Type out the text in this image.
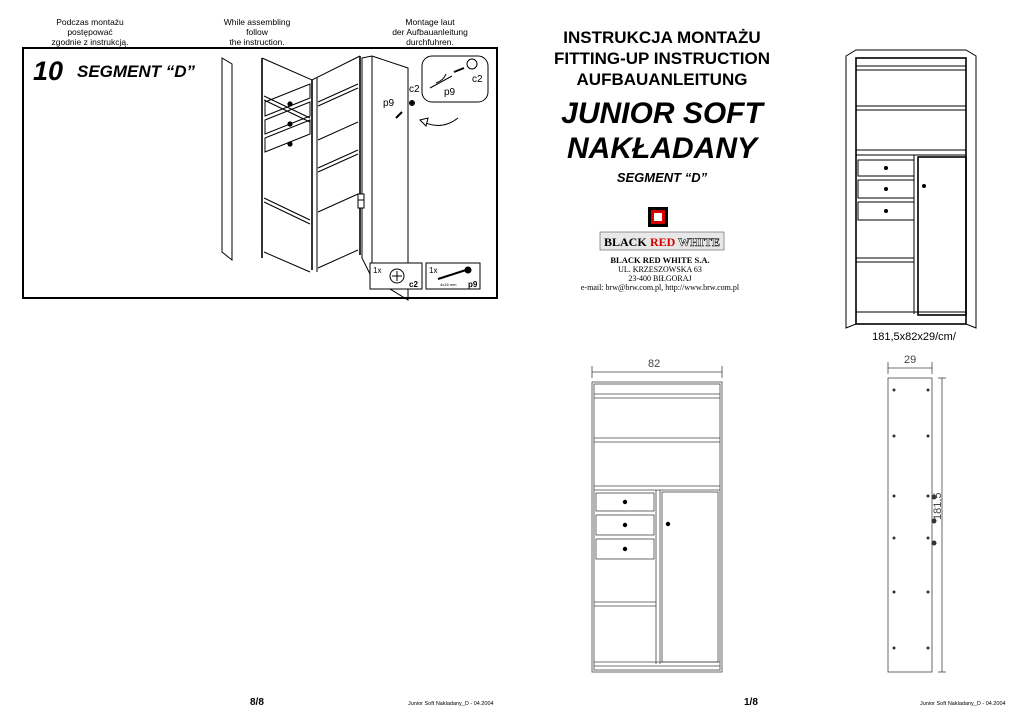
Podczas montażu
postępować
zgodnie z instrukcją.
While assembling
follow
the instruction.
Montage laut
der Aufbauanleitung
durchfuhren.
10 SEGMENT “D”
c2 p9
p9
c2
1x
c2
1x
p9
4x16 mm
INSTRUKCJA MONTAŻU
FITTING-UP INSTRUCTION
AUFBAUANLEITUNG
JUNIOR SOFT
NAKŁADANY
SEGMENT “D”
BLACK RED WHITE
BLACK RED WHITE S.A.
UL. KRZESZOWSKA 63
23-400 BIŁGORAJ
e-mail: brw@brw.com.pl, http://www.brw.com.pl
181,5x82x29/cm/
82	29
181,5
8/8	Junior Soft Nakladany_D - 04.2004	1/8	Junior Soft Nakladany_D - 04.2004
